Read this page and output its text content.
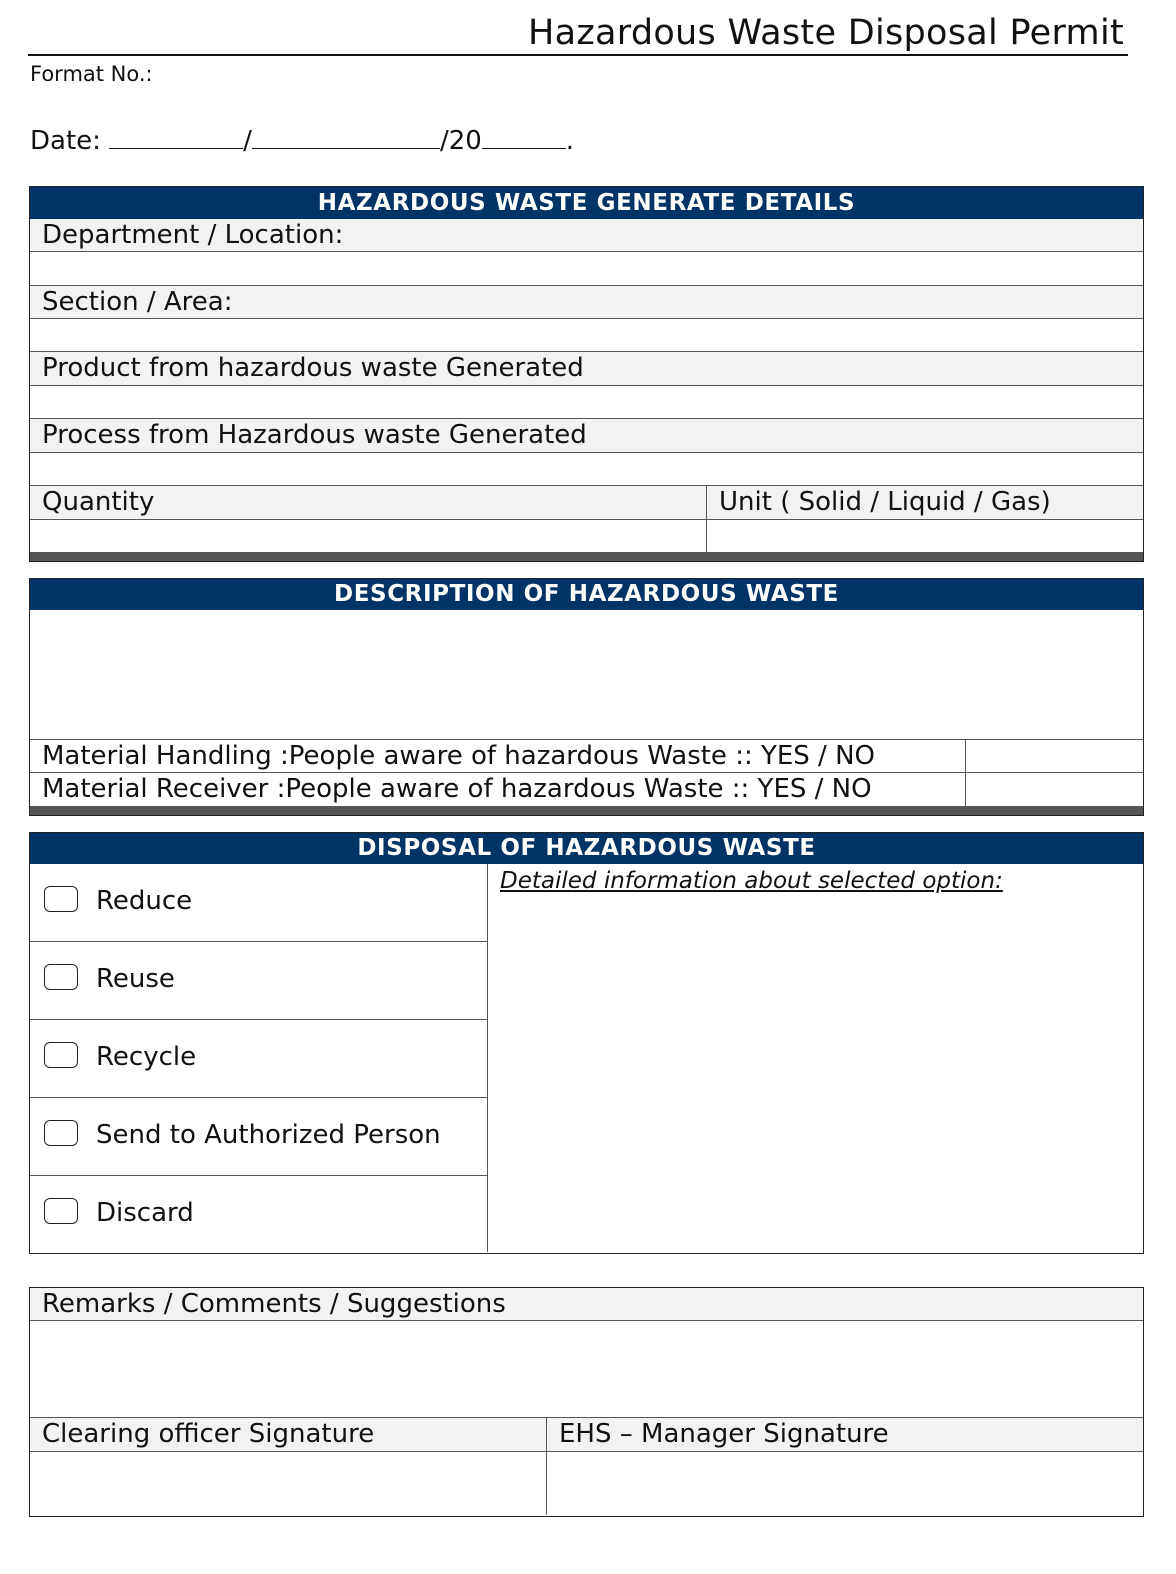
Hazardous Waste Disposal Permit
Format No.:
Date:	/	/20	.
HAZARDOUS WASTE GENERATE DETAILS
Department / Location:
Section / Area:
Product from hazardous waste Generated
Process from Hazardous waste Generated
Quantity	Unit ( Solid / Liquid / Gas)
DESCRIPTION OF HAZARDOUS WASTE
Material Handling :People aware of hazardous Waste :: YES / NO
Material Receiver :People aware of hazardous Waste :: YES / NO
DISPOSAL OF HAZARDOUS WASTE
Reduce
Reuse
Recycle
Send to Authorized Person
Discard
Detailed information about selected option:
Remarks / Comments / Suggestions
Clearing officer Signature	EHS – Manager Signature
